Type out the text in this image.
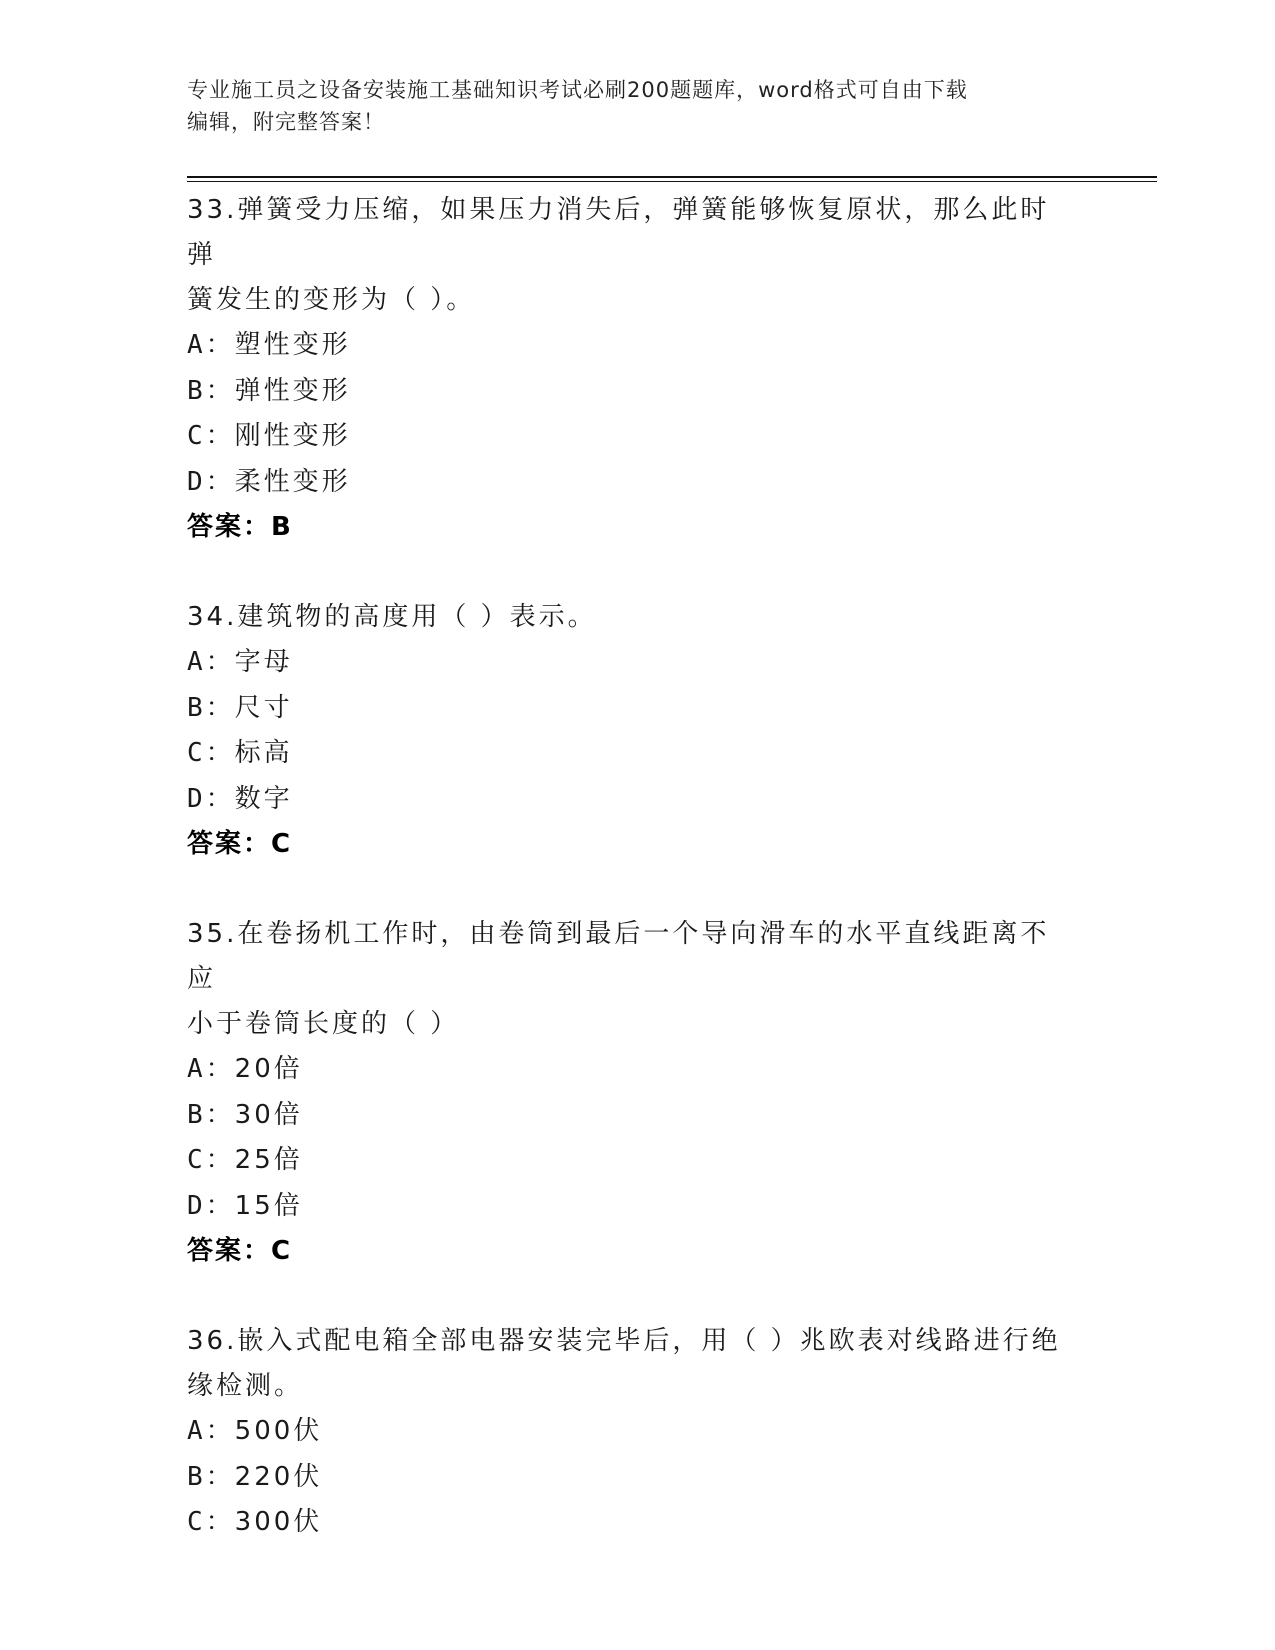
专业施工员之设备安装施工基础知识考试必刷200题题库，word格式可自由下载
编辑，附完整答案！
33.弹簧受力压缩，如果压力消失后，弹簧能够恢复原状，那么此时弹
簧发生的变形为（ ）。
A：塑性变形
B：弹性变形
C：刚性变形
D：柔性变形
答案：B
34.建筑物的高度用（ ）表示。
A：字母
B：尺寸
C：标高
D：数字
答案：C
35.在卷扬机工作时，由卷筒到最后一个导向滑车的水平直线距离不应
小于卷筒长度的（ ）
A：20倍
B：30倍
C：25倍
D：15倍
答案：C
36.嵌入式配电箱全部电器安装完毕后，用（ ）兆欧表对线路进行绝
缘检测。
A：500伏
B：220伏
C：300伏
